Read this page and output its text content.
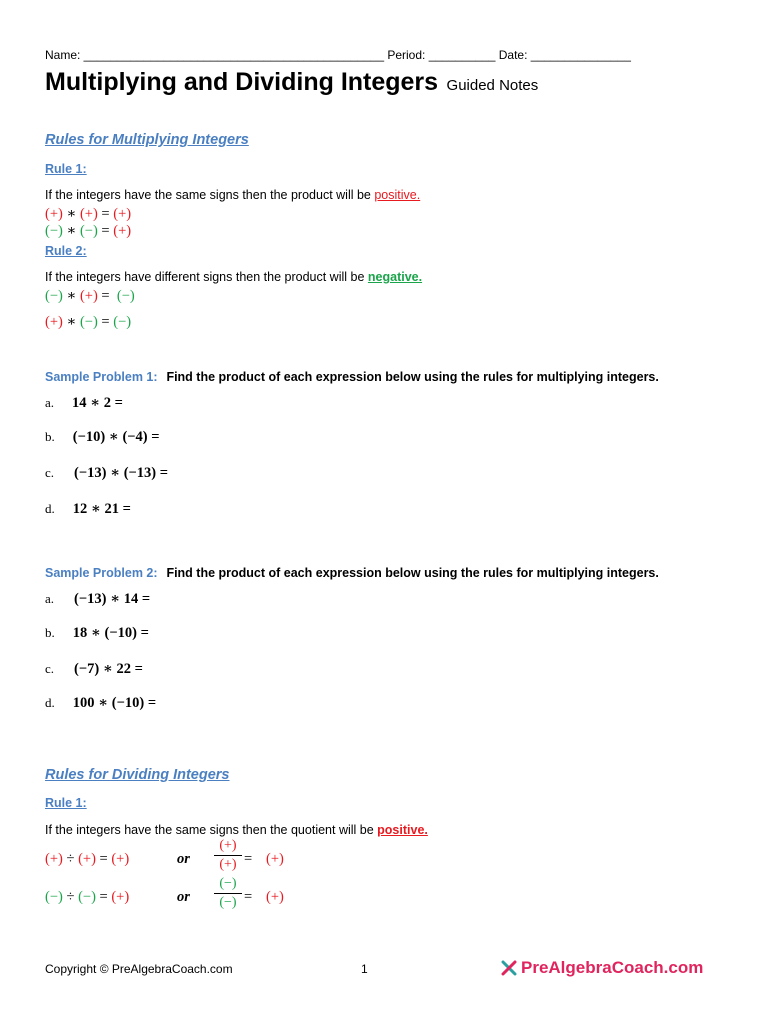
Name: _____________________________________________ Period: __________ Date: _______________
Multiplying and Dividing Integers Guided Notes
Rules for Multiplying Integers
Rule 1:
If the integers have the same signs then the product will be positive.
(+) ∗ (+) = (+)
(−) ∗ (−) = (+)
Rule 2:
If the integers have different signs then the product will be negative.
(−) ∗ (+) = (−)
(+) ∗ (−) = (−)
Sample Problem 1: Find the product of each expression below using the rules for multiplying integers.
a. 14 ∗ 2 =
b. (−10) ∗ (−4) =
c. (−13) ∗ (−13) =
d. 12 ∗ 21 =
Sample Problem 2: Find the product of each expression below using the rules for multiplying integers.
a. (−13) ∗ 14 =
b. 18 ∗ (−10) =
c. (−7) ∗ 22 =
d. 100 ∗ (−10) =
Rules for Dividing Integers
Rule 1:
If the integers have the same signs then the quotient will be positive.
(+) ÷ (+) = (+)	or
(+)
(+) = (+)
(−) ÷ (−) = (+)	or
(−)
(−) = (+)
Copyright © PreAlgebraCoach.com	1	PreAlgebraCoach.com
